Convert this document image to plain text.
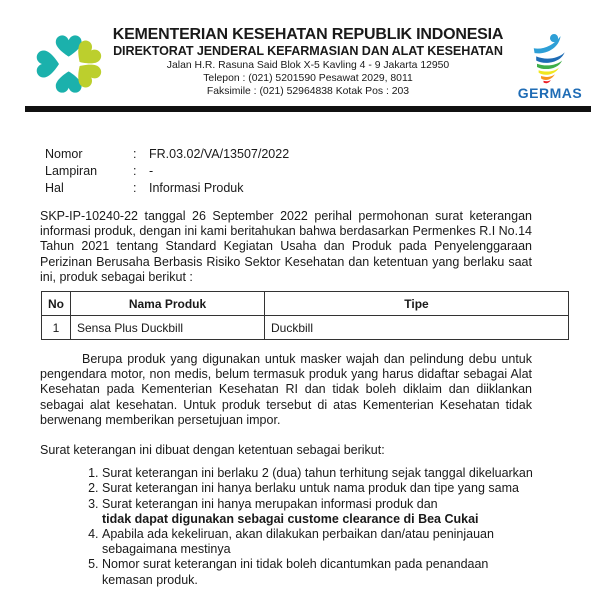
KEMENTERIAN KESEHATAN REPUBLIK INDONESIA
DIREKTORAT JENDERAL KEFARMASIAN DAN ALAT KESEHATAN
Jalan H.R. Rasuna Said Blok X-5 Kavling 4 - 9 Jakarta 12950
Telepon : (021) 5201590 Pesawat 2029, 8011
Faksimile : (021) 52964838 Kotak Pos : 203	GERMAS
Nomor	:	FR.03.02/VA/13507/2022
Lampiran	:	-
Hal	:	Informasi Produk

SKP-IP-10240-22 tanggal 26 September 2022 perihal permohonan surat keterangan informasi produk, dengan ini kami beritahukan bahwa berdasarkan Permenkes R.I No.14 Tahun 2021 tentang Standard Kegiatan Usaha dan Produk pada Penyelenggaraan Perizinan Berusaha Berbasis Risiko Sektor Kesehatan dan ketentuan yang berlaku saat ini, produk sebagai berikut :

No	Nama Produk	Tipe
1	Sensa Plus Duckbill	Duckbill

Berupa produk yang digunakan untuk masker wajah dan pelindung debu untuk pengendara motor, non medis, belum termasuk produk yang harus didaftar sebagai Alat Kesehatan pada Kementerian Kesehatan RI dan tidak boleh diklaim dan diiklankan sebagai alat kesehatan. Untuk produk tersebut di atas Kementerian Kesehatan tidak berwenang memberikan persetujuan impor.

Surat keterangan ini dibuat dengan ketentuan sebagai berikut:

1. Surat keterangan ini berlaku 2 (dua) tahun terhitung sejak tanggal dikeluarkan
2. Surat keterangan ini hanya berlaku untuk nama produk dan tipe yang sama
3. Surat keterangan ini hanya merupakan informasi produk dan
tidak dapat digunakan sebagai custome clearance di Bea Cukai
4. Apabila ada kekeliruan, akan dilakukan perbaikan dan/atau peninjauan sebagaimana mestinya
5. Nomor surat keterangan ini tidak boleh dicantumkan pada penandaan kemasan produk.
